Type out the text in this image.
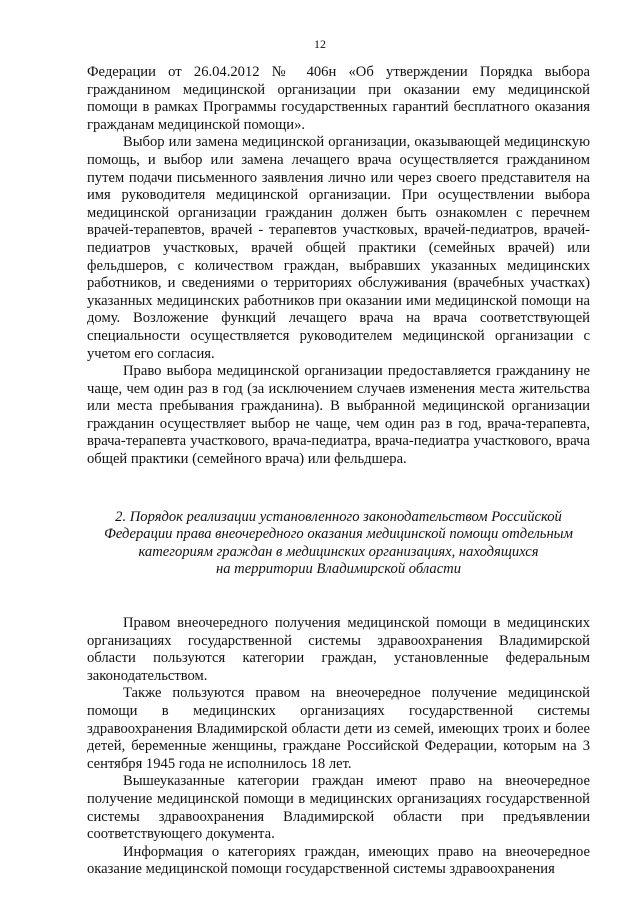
12

Федерации от 26.04.2012 № 406н «Об утверждении Порядка выбора гражданином медицинской организации при оказании ему медицинской помощи в рамках Программы государственных гарантий бесплатного оказания гражданам медицинской помощи».

Выбор или замена медицинской организации, оказывающей медицинскую помощь, и выбор или замена лечащего врача осуществляется гражданином путем подачи письменного заявления лично или через своего представителя на имя руководителя медицинской организации. При осуществлении выбора медицинской организации гражданин должен быть ознакомлен с перечнем врачей-терапевтов, врачей - терапевтов участковых, врачей-педиатров, врачей-педиатров участковых, врачей общей практики (семейных врачей) или фельдшеров, с количеством граждан, выбравших указанных медицинских работников, и сведениями о территориях обслуживания (врачебных участках) указанных медицинских работников при оказании ими медицинской помощи на дому. Возложение функций лечащего врача на врача соответствующей специальности осуществляется руководителем медицинской организации с учетом его согласия.

Право выбора медицинской организации предоставляется гражданину не чаще, чем один раз в год (за исключением случаев изменения места жительства или места пребывания гражданина). В выбранной медицинской организации гражданин осуществляет выбор не чаще, чем один раз в год, врача-терапевта, врача-терапевта участкового, врача-педиатра, врача-педиатра участкового, врача общей практики (семейного врача) или фельдшера.

2. Порядок реализации установленного законодательством Российской
Федерации права внеочередного оказания медицинской помощи отдельным
категориям граждан в медицинских организациях, находящихся
на территории Владимирской области

Правом внеочередного получения медицинской помощи в медицинских организациях государственной системы здравоохранения Владимирской области пользуются категории граждан, установленные федеральным законодательством.

Также пользуются правом на внеочередное получение медицинской помощи в медицинских организациях государственной системы здравоохранения Владимирской области дети из семей, имеющих троих и более детей, беременные женщины, граждане Российской Федерации, которым на 3 сентября 1945 года не исполнилось 18 лет.

Вышеуказанные категории граждан имеют право на внеочередное получение медицинской помощи в медицинских организациях государственной системы здравоохранения Владимирской области при предъявлении соответствующего документа.

Информация о категориях граждан, имеющих право на внеочередное оказание медицинской помощи государственной системы здравоохранения
